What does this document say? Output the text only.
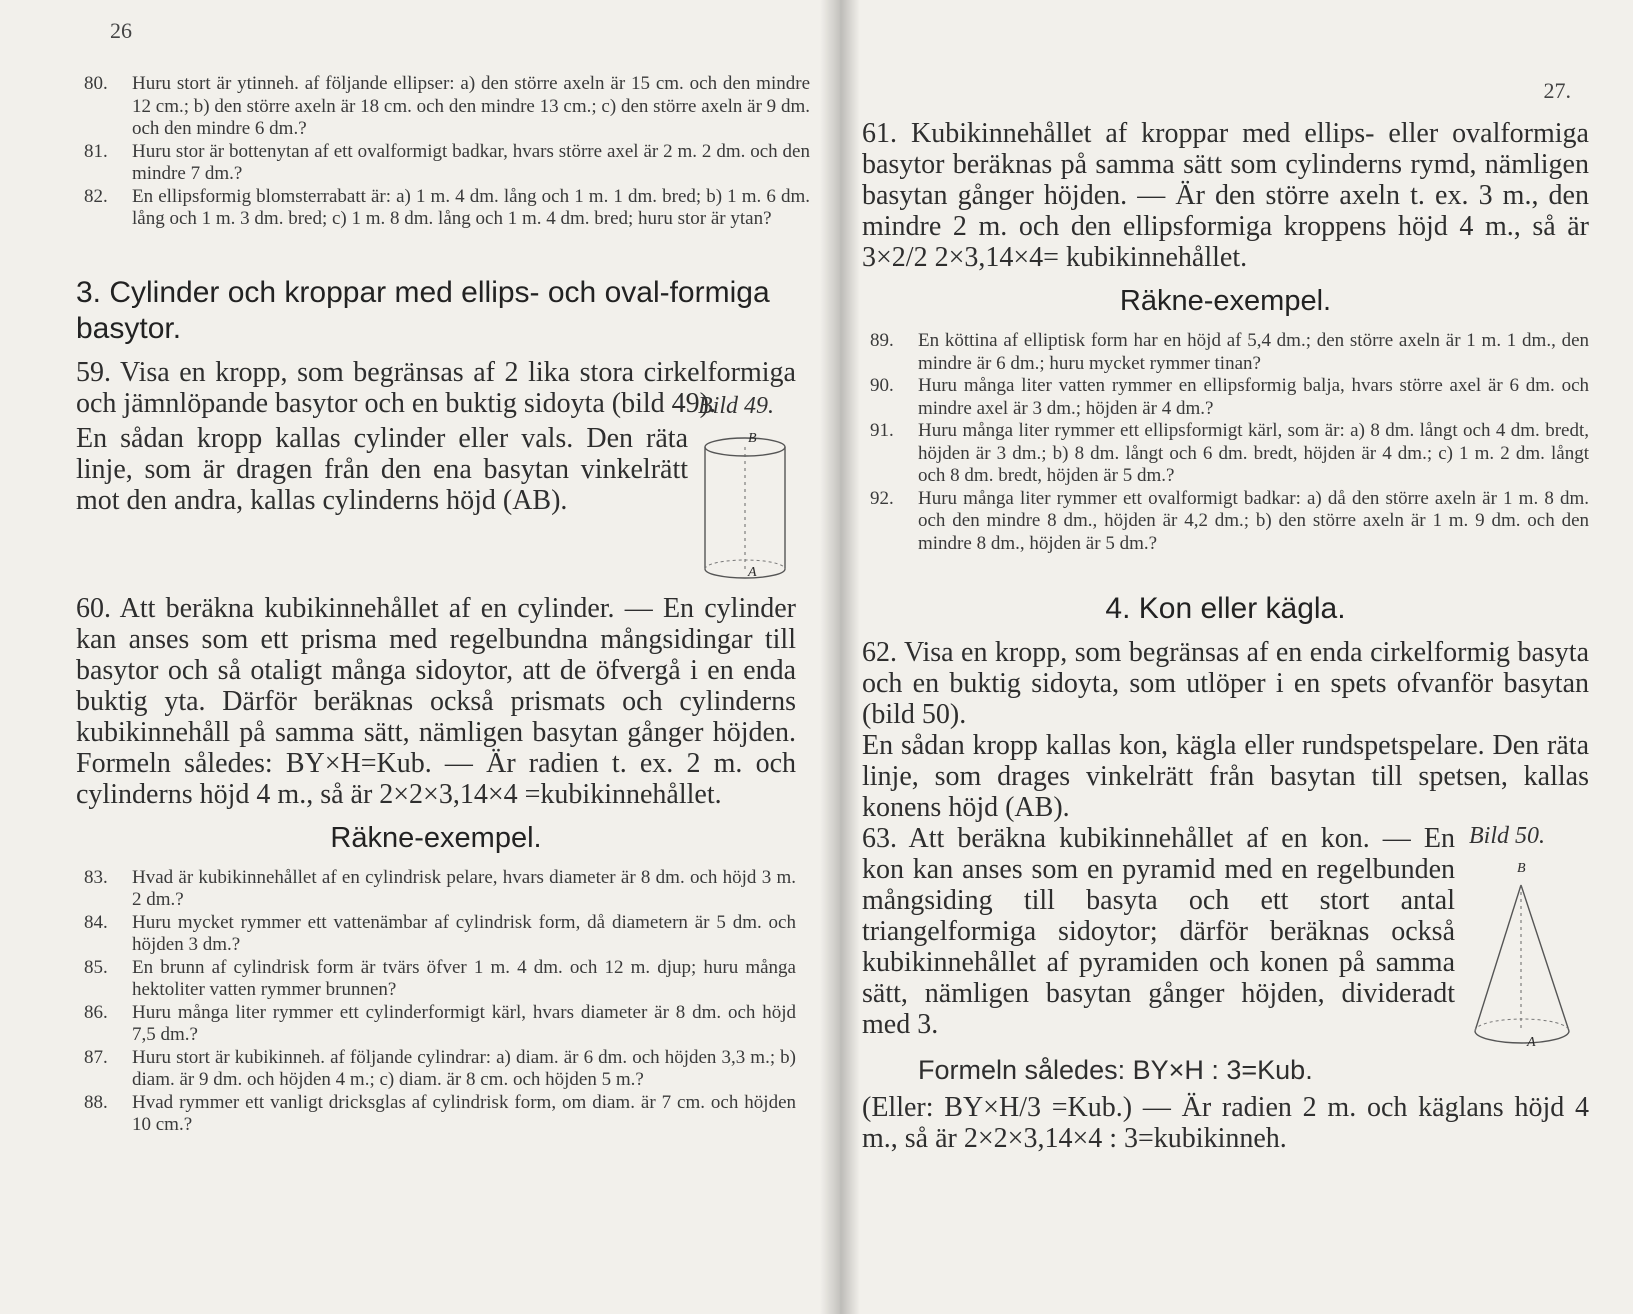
26
80.	Huru stort är ytinneh. af följande ellipser: a) den större axeln är 15 cm. och den mindre 12 cm.; b) den större axeln är 18 cm. och den mindre 13 cm.; c) den större axeln är 9 dm. och den mindre 6 dm.?
81.	Huru stor är bottenytan af ett ovalformigt badkar, hvars större axel är 2 m. 2 dm. och den mindre 7 dm.?
82.	En ellipsformig blomsterrabatt är: a) 1 m. 4 dm. lång och 1 m. 1 dm. bred; b) 1 m. 6 dm. lång och 1 m. 3 dm. bred; c) 1 m. 8 dm. lång och 1 m. 4 dm. bred; huru stor är ytan?
3. Cylinder och kroppar med ellips- och oval-formiga basytor.
59. Visa en kropp, som begränsas af 2 lika stora cirkelformiga och jämnlöpande basytor och en buktig sidoyta (bild 49).
En sådan kropp kallas cylinder eller vals. Den räta linje, som är dragen från den ena basytan vinkelrätt mot den andra, kallas cylinderns höjd (AB).
Bild 49.
B
A
60. Att beräkna kubikinnehållet af en cylinder. — En cylinder kan anses som ett prisma med regelbundna mångsidingar till basytor och så otaligt många sidoytor, att de öfvergå i en enda buktig yta. Därför beräknas också prismats och cylinderns kubikinnehåll på samma sätt, nämligen basytan gånger höjden. Formeln således: BY×H=Kub. — Är radien t. ex. 2 m. och cylinderns höjd 4 m., så är 2×2×3,14×4 =kubikinnehållet.
Räkne-exempel.
83.	Hvad är kubikinnehållet af en cylindrisk pelare, hvars diameter är 8 dm. och höjd 3 m. 2 dm.?
84.	Huru mycket rymmer ett vattenämbar af cylindrisk form, då diametern är 5 dm. och höjden 3 dm.?
85.	En brunn af cylindrisk form är tvärs öfver 1 m. 4 dm. och 12 m. djup; huru många hektoliter vatten rymmer brunnen?
86.	Huru många liter rymmer ett cylinderformigt kärl, hvars diameter är 8 dm. och höjd 7,5 dm.?
87.	Huru stort är kubikinneh. af följande cylindrar: a) diam. är 6 dm. och höjden 3,3 m.; b) diam. är 9 dm. och höjden 4 m.; c) diam. är 8 cm. och höjden 5 m.?
88.	Hvad rymmer ett vanligt dricksglas af cylindrisk form, om diam. är 7 cm. och höjden 10 cm.?
27.
61. Kubikinnehållet af kroppar med ellips- eller ovalformiga basytor beräknas på samma sätt som cylinderns rymd, nämligen basytan gånger höjden. — Är den större axeln t. ex. 3 m., den mindre 2 m. och den ellipsformiga kroppens höjd 4 m., så är 3×2/2 2×3,14×4= kubikinnehållet.
Räkne-exempel.
89.	En köttina af elliptisk form har en höjd af 5,4 dm.; den större axeln är 1 m. 1 dm., den mindre är 6 dm.; huru mycket rymmer tinan?
90.	Huru många liter vatten rymmer en ellipsformig balja, hvars större axel är 6 dm. och mindre axel är 3 dm.; höjden är 4 dm.?
91.	Huru många liter rymmer ett ellipsformigt kärl, som är: a) 8 dm. långt och 4 dm. bredt, höjden är 3 dm.; b) 8 dm. långt och 6 dm. bredt, höjden är 4 dm.; c) 1 m. 2 dm. långt och 8 dm. bredt, höjden är 5 dm.?
92.	Huru många liter rymmer ett ovalformigt badkar: a) då den större axeln är 1 m. 8 dm. och den mindre 8 dm., höjden är 4,2 dm.; b) den större axeln är 1 m. 9 dm. och den mindre 8 dm., höjden är 5 dm.?
4. Kon eller kägla.
62. Visa en kropp, som begränsas af en enda cirkelformig basyta och en buktig sidoyta, som utlöper i en spets ofvanför basytan (bild 50).
En sådan kropp kallas kon, kägla eller rundspetspelare. Den räta linje, som drages vinkelrätt från basytan till spetsen, kallas konens höjd (AB).
63. Att beräkna kubikinnehållet af en kon. — En kon kan anses som en pyramid med en regelbunden mångsiding till basyta och ett stort antal triangelformiga sidoytor; därför beräknas också kubikinnehållet af pyramiden och konen på samma sätt, nämligen basytan gånger höjden, divideradt med 3.
Bild 50.
B
A
Formeln således: BY×H : 3=Kub.
(Eller: BY×H/3 =Kub.) — Är radien 2 m. och käglans höjd 4 m., så är 2×2×3,14×4 : 3=kubikinneh.
